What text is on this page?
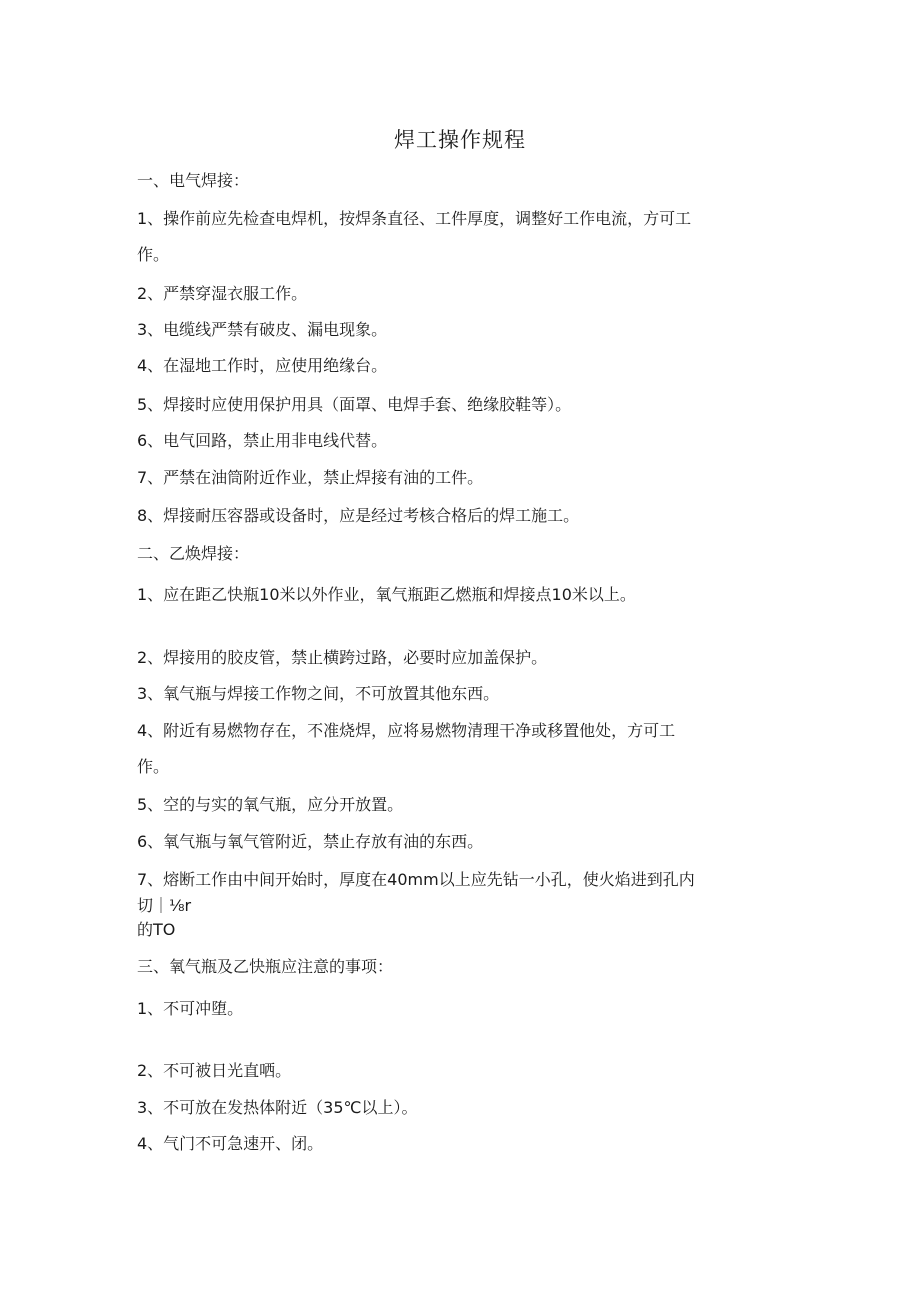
焊工操作规程
一、电气焊接：
1、操作前应先检查电焊机，按焊条直径、工件厚度，调整好工作电流，方可工
作。
2、严禁穿湿衣服工作。
3、电缆线严禁有破皮、漏电现象。
4、在湿地工作时，应使用绝缘台。
5、焊接时应使用保护用具（面罩、电焊手套、绝缘胶鞋等）。
6、电气回路，禁止用非电线代替。
7、严禁在油筒附近作业，禁止焊接有油的工件。
8、焊接耐压容器或设备时，应是经过考核合格后的焊工施工。
二、乙焕焊接：
1、应在距乙快瓶10米以外作业，氧气瓶距乙燃瓶和焊接点10米以上。
2、焊接用的胶皮管，禁止横跨过路，必要时应加盖保护。
3、氧气瓶与焊接工作物之间，不可放置其他东西。
4、附近有易燃物存在，不准烧焊，应将易燃物清理干净或移置他处，方可工
作。
5、空的与实的氧气瓶，应分开放置。
6、氧气瓶与氧气管附近，禁止存放有油的东西。
7、熔断工作由中间开始时，厚度在40mm以上应先钻一小孔，使火焰进到孔内
切｜⅛r
的TO
三、氧气瓶及乙快瓶应注意的事项：
1、不可冲堕。
2、不可被日光直哂。
3、不可放在发热体附近（35℃以上）。
4、气门不可急速开、闭。
